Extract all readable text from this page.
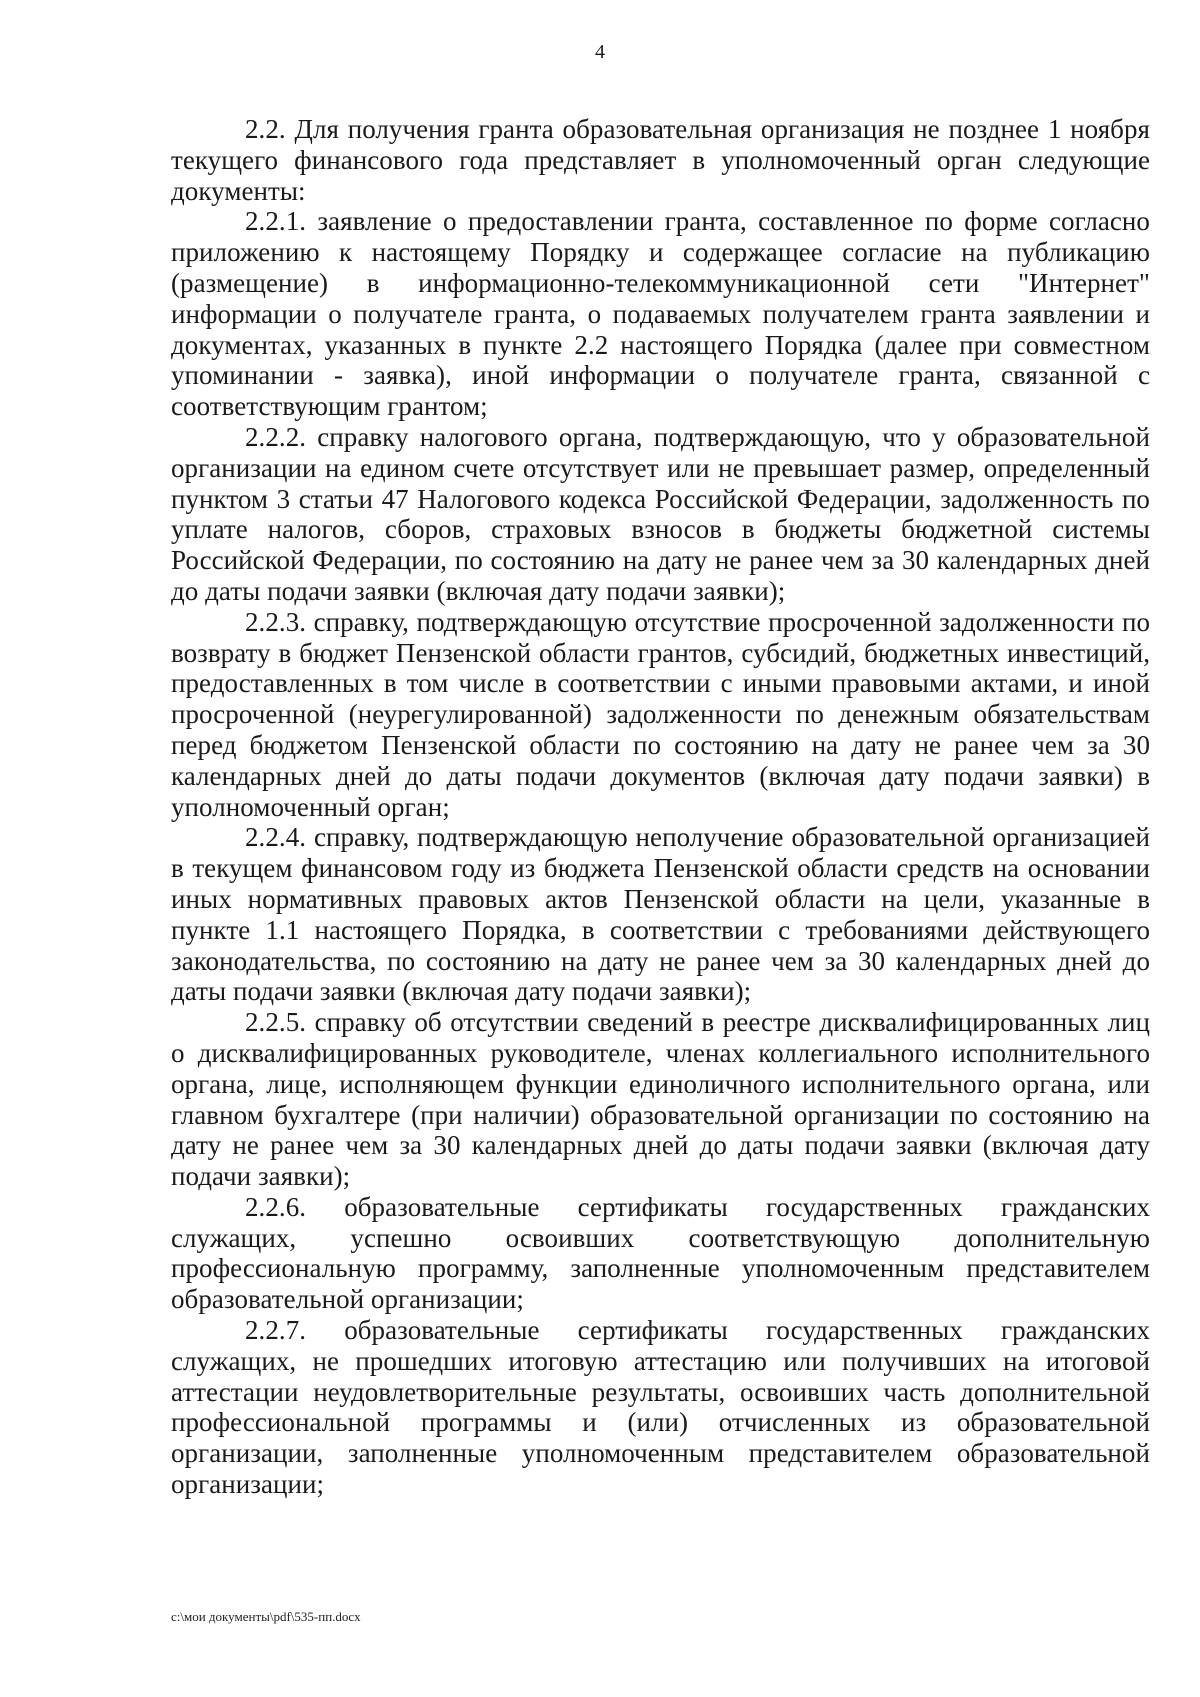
4

2.2. Для получения гранта образовательная организация не позднее 1 ноября текущего финансового года представляет в уполномоченный орган следующие документы:

2.2.1. заявление о предоставлении гранта, составленное по форме согласно приложению к настоящему Порядку и содержащее согласие на публикацию (размещение) в информационно-телекоммуникационной сети "Интернет" информации о получателе гранта, о подаваемых получателем гранта заявлении и документах, указанных в пункте 2.2 настоящего Порядка (далее при совместном упоминании - заявка), иной информации о получателе гранта, связанной с соответствующим грантом;

2.2.2. справку налогового органа, подтверждающую, что у образовательной организации на едином счете отсутствует или не превышает размер, определенный пунктом 3 статьи 47 Налогового кодекса Российской Федерации, задолженность по уплате налогов, сборов, страховых взносов в бюджеты бюджетной системы Российской Федерации, по состоянию на дату не ранее чем за 30 календарных дней до даты подачи заявки (включая дату подачи заявки);

2.2.3. справку, подтверждающую отсутствие просроченной задолженности по возврату в бюджет Пензенской области грантов, субсидий, бюджетных инвестиций, предоставленных в том числе в соответствии с иными правовыми актами, и иной просроченной (неурегулированной) задолженности по денежным обязательствам перед бюджетом Пензенской области по состоянию на дату не ранее чем за 30 календарных дней до даты подачи документов (включая дату подачи заявки) в уполномоченный орган;

2.2.4. справку, подтверждающую неполучение образовательной организацией в текущем финансовом году из бюджета Пензенской области средств на основании иных нормативных правовых актов Пензенской области на цели, указанные в пункте 1.1 настоящего Порядка, в соответствии с требованиями действующего законодательства, по состоянию на дату не ранее чем за 30 календарных дней до даты подачи заявки (включая дату подачи заявки);

2.2.5. справку об отсутствии сведений в реестре дисквалифицированных лиц о дисквалифицированных руководителе, членах коллегиального исполнительного органа, лице, исполняющем функции единоличного исполнительного органа, или главном бухгалтере (при наличии) образовательной организации по состоянию на дату не ранее чем за 30 календарных дней до даты подачи заявки (включая дату подачи заявки);

2.2.6. образовательные сертификаты государственных гражданских служащих, успешно освоивших соответствующую дополнительную профессиональную программу, заполненные уполномоченным представителем образовательной организации;

2.2.7. образовательные сертификаты государственных гражданских служащих, не прошедших итоговую аттестацию или получивших на итоговой аттестации неудовлетворительные результаты, освоивших часть дополнительной профессиональной программы и (или) отчисленных из образовательной организации, заполненные уполномоченным представителем образовательной организации;

c:\мои документы\pdf\535-пп.docx
